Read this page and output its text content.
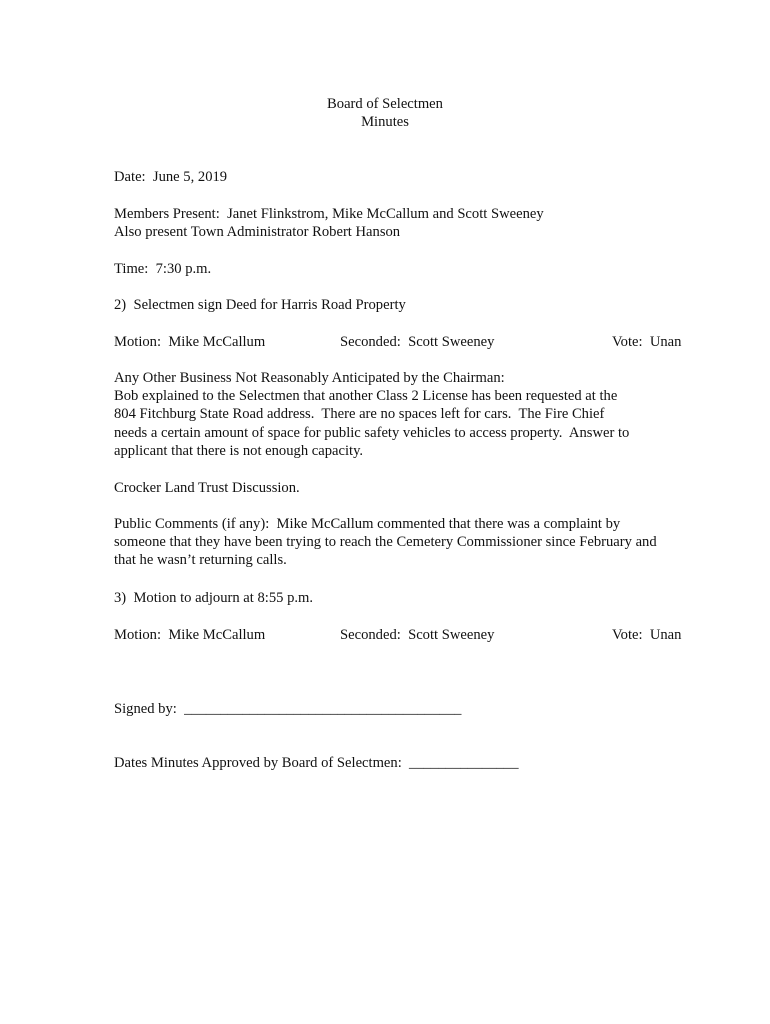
Board of Selectmen
Minutes
Date:  June 5, 2019
Members Present:  Janet Flinkstrom, Mike McCallum and Scott Sweeney
Also present Town Administrator Robert Hanson
Time:  7:30 p.m.
2)  Selectmen sign Deed for Harris Road Property
Motion:  Mike McCallum	Seconded:  Scott Sweeney	Vote:  Unan
Any Other Business Not Reasonably Anticipated by the Chairman:
Bob explained to the Selectmen that another Class 2 License has been requested at the
804 Fitchburg State Road address.  There are no spaces left for cars.  The Fire Chief
needs a certain amount of space for public safety vehicles to access property.  Answer to
applicant that there is not enough capacity.
Crocker Land Trust Discussion.
Public Comments (if any):  Mike McCallum commented that there was a complaint by
someone that they have been trying to reach the Cemetery Commissioner since February and
that he wasn’t returning calls.
3)  Motion to adjourn at 8:55 p.m.
Motion:  Mike McCallum	Seconded:  Scott Sweeney	Vote:  Unan
Signed by:  ______________________________________
Dates Minutes Approved by Board of Selectmen:  _______________
